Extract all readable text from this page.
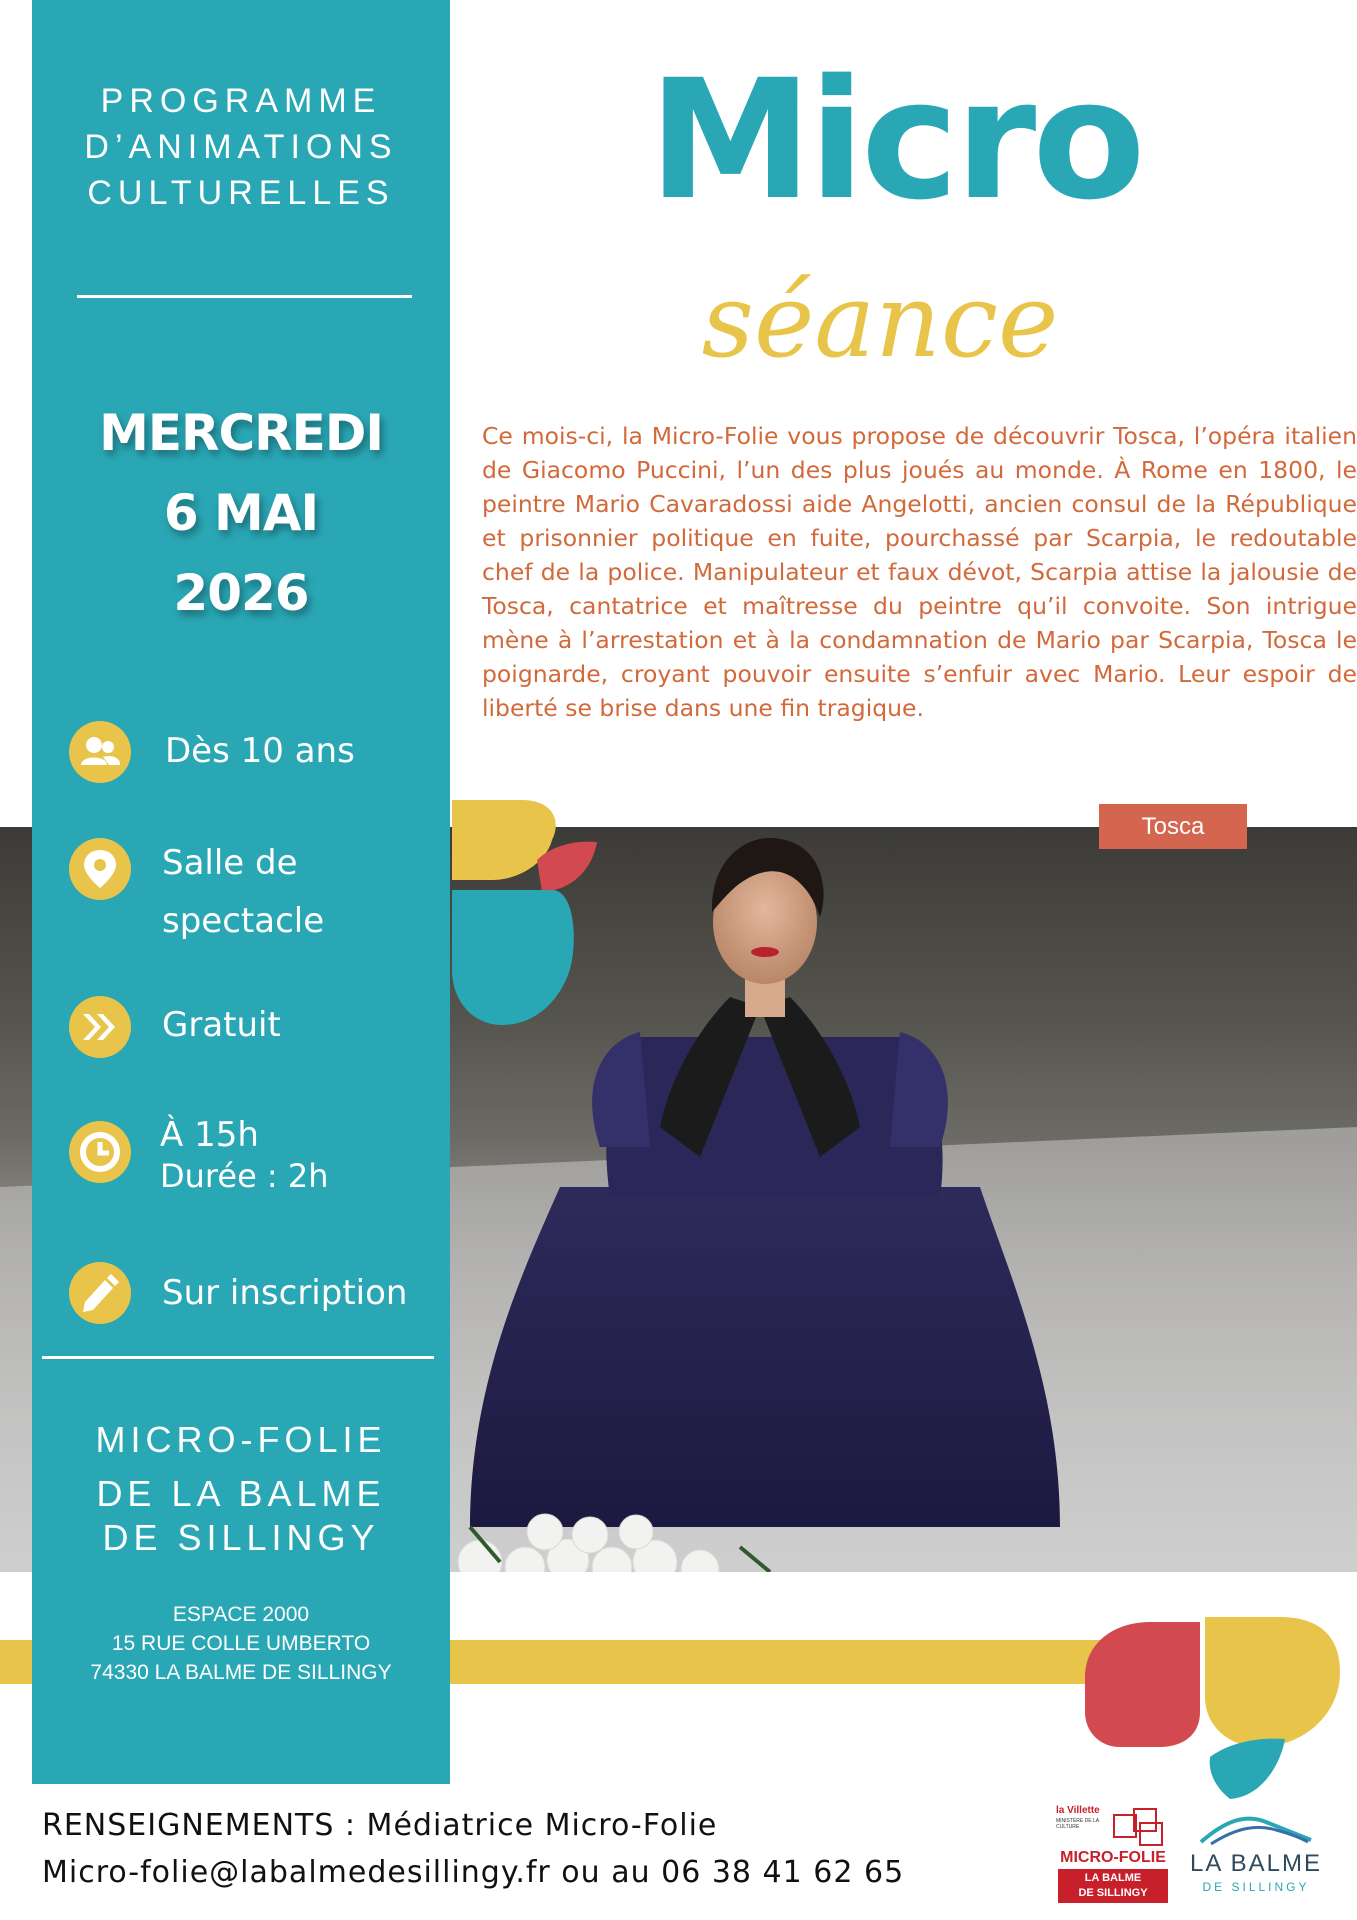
PROGRAMME
D’ANIMATIONS
CULTURELLES
MERCREDI
6 MAI
2026
Dès 10 ans
Salle de
spectacle
Gratuit
À 15h
Durée : 2h
Sur inscription
MICRO-FOLIE
DE LA BALME
DE SILLINGY
ESPACE 2000
15 RUE COLLE UMBERTO
74330 LA BALME DE SILLINGY
Micro
séance
Ce mois-ci, la Micro-Folie vous propose de découvrir Tosca, l’opéra italien de Giacomo Puccini, l’un des plus joués au monde. À Rome en 1800, le peintre Mario Cavaradossi aide Angelotti, ancien consul de la République et prisonnier politique en fuite, pourchassé par Scarpia, le redoutable chef de la police. Manipulateur et faux dévot, Scarpia attise la jalousie de Tosca, cantatrice et maîtresse du peintre qu’il convoite. Son intrigue mène à l’arrestation et à la condamnation de Mario par Scarpia, Tosca le poignarde, croyant pouvoir ensuite s’enfuir avec Mario. Leur espoir de liberté se brise dans une fin tragique.
Tosca
RENSEIGNEMENTS : Médiatrice Micro-Folie
Micro-folie@labalmedesillingy.fr ou au 06 38 41 62 65
la Villette
MINISTÈRE DE LA CULTURE
MICRO-FOLIE
LA BALME
DE SILLINGY
LA BALME
DE SILLINGY
